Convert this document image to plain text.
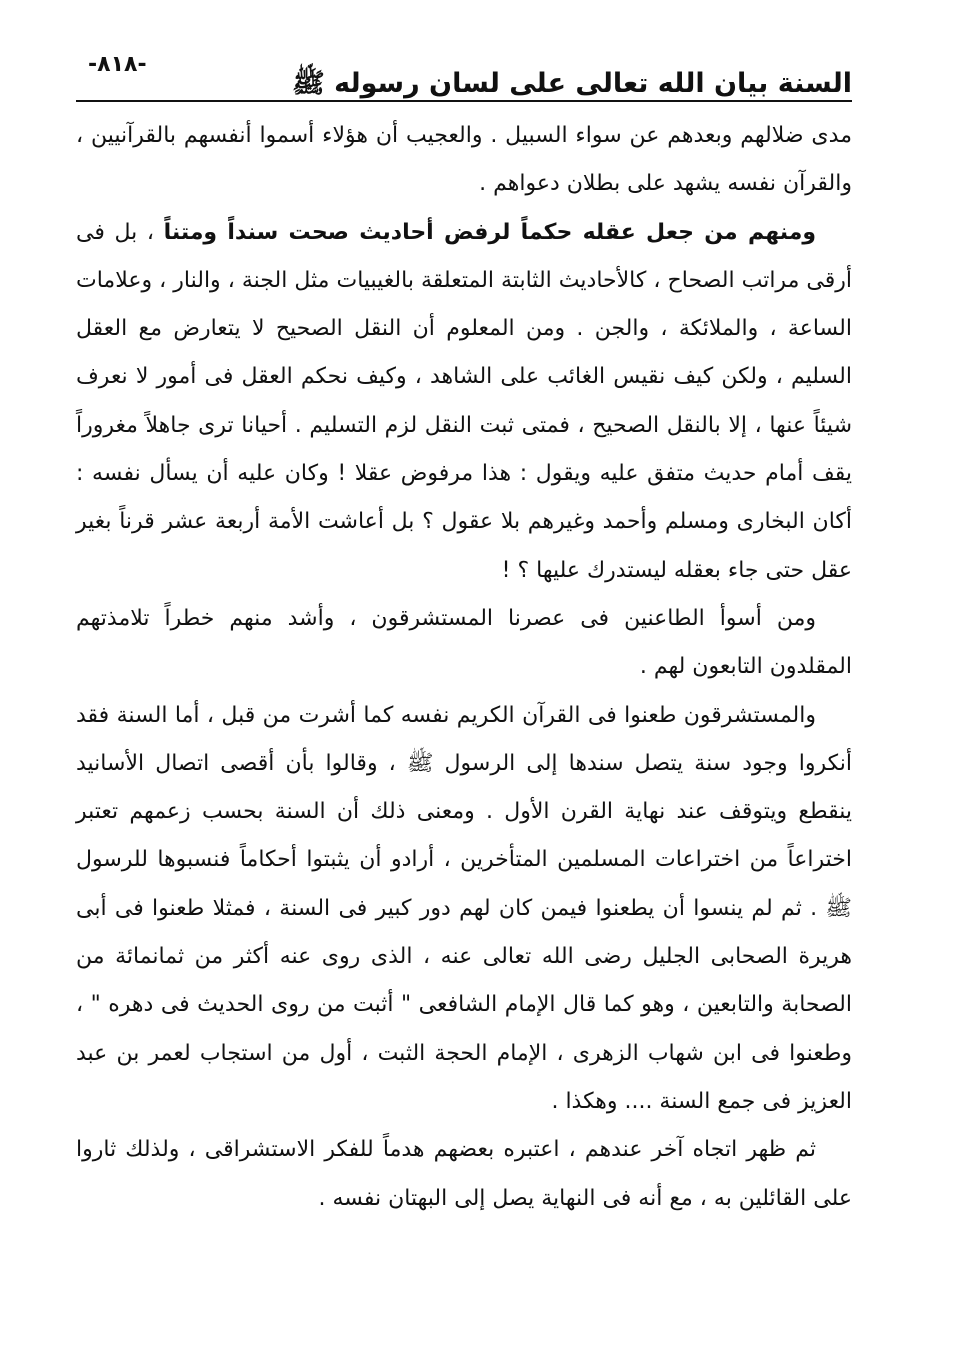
-٨١٨-
السنة بيان الله تعالى على لسان رسوله ﷺ

مدى ضلالهم وبعدهم عن سواء السبيل . والعجيب أن هؤلاء أسموا أنفسهم بالقرآنيين ، والقرآن نفسه يشهد على بطلان دعواهم .

ومنهم من جعل عقله حكماً لرفض أحاديث صحت سنداً ومتناً ، بل فى أرقى مراتب الصحاح ، كالأحاديث الثابتة المتعلقة بالغيبيات مثل الجنة ، والنار ، وعلامات الساعة ، والملائكة ، والجن . ومن المعلوم أن النقل الصحيح لا يتعارض مع العقل السليم ، ولكن كيف نقيس الغائب على الشاهد ، وكيف نحكم العقل فى أمور لا نعرف شيئاً عنها ، إلا بالنقل الصحيح ، فمتى ثبت النقل لزم التسليم . أحيانا ترى جاهلاً مغروراً يقف أمام حديث متفق عليه ويقول : هذا مرفوض عقلا ! وكان عليه أن يسأل نفسه : أكان البخارى ومسلم وأحمد وغيرهم بلا عقول ؟ بل أعاشت الأمة أربعة عشر قرناً بغير عقل حتى جاء بعقله ليستدرك عليها ؟ !

ومن أسوأ الطاعنين فى عصرنا المستشرقون ، وأشد منهم خطراً تلامذتهم المقلدون التابعون لهم .

والمستشرقون طعنوا فى القرآن الكريم نفسه كما أشرت من قبل ، أما السنة فقد أنكروا وجود سنة يتصل سندها إلى الرسول ﷺ ، وقالوا بأن أقصى اتصال الأسانيد ينقطع ويتوقف عند نهاية القرن الأول . ومعنى ذلك أن السنة بحسب زعمهم تعتبر اختراعاً من اختراعات المسلمين المتأخرين ، أرادو أن يثبتوا أحكاماً فنسبوها للرسول ﷺ . ثم لم ينسوا أن يطعنوا فيمن كان لهم دور كبير فى السنة ، فمثلا طعنوا فى أبى هريرة الصحابى الجليل رضى الله تعالى عنه ، الذى روى عنه أكثر من ثمانمائة من الصحابة والتابعين ، وهو كما قال الإمام الشافعى " أثبت من روى الحديث فى دهره " ، وطعنوا فى ابن شهاب الزهرى ، الإمام الحجة الثبت ، أول من استجاب لعمر بن عبد العزيز فى جمع السنة .... وهكذا .

ثم ظهر اتجاه آخر عندهم ، اعتبره بعضهم هدماً للفكر الاستشراقى ، ولذلك ثاروا على القائلين به ، مع أنه فى النهاية يصل إلى البهتان نفسه .
